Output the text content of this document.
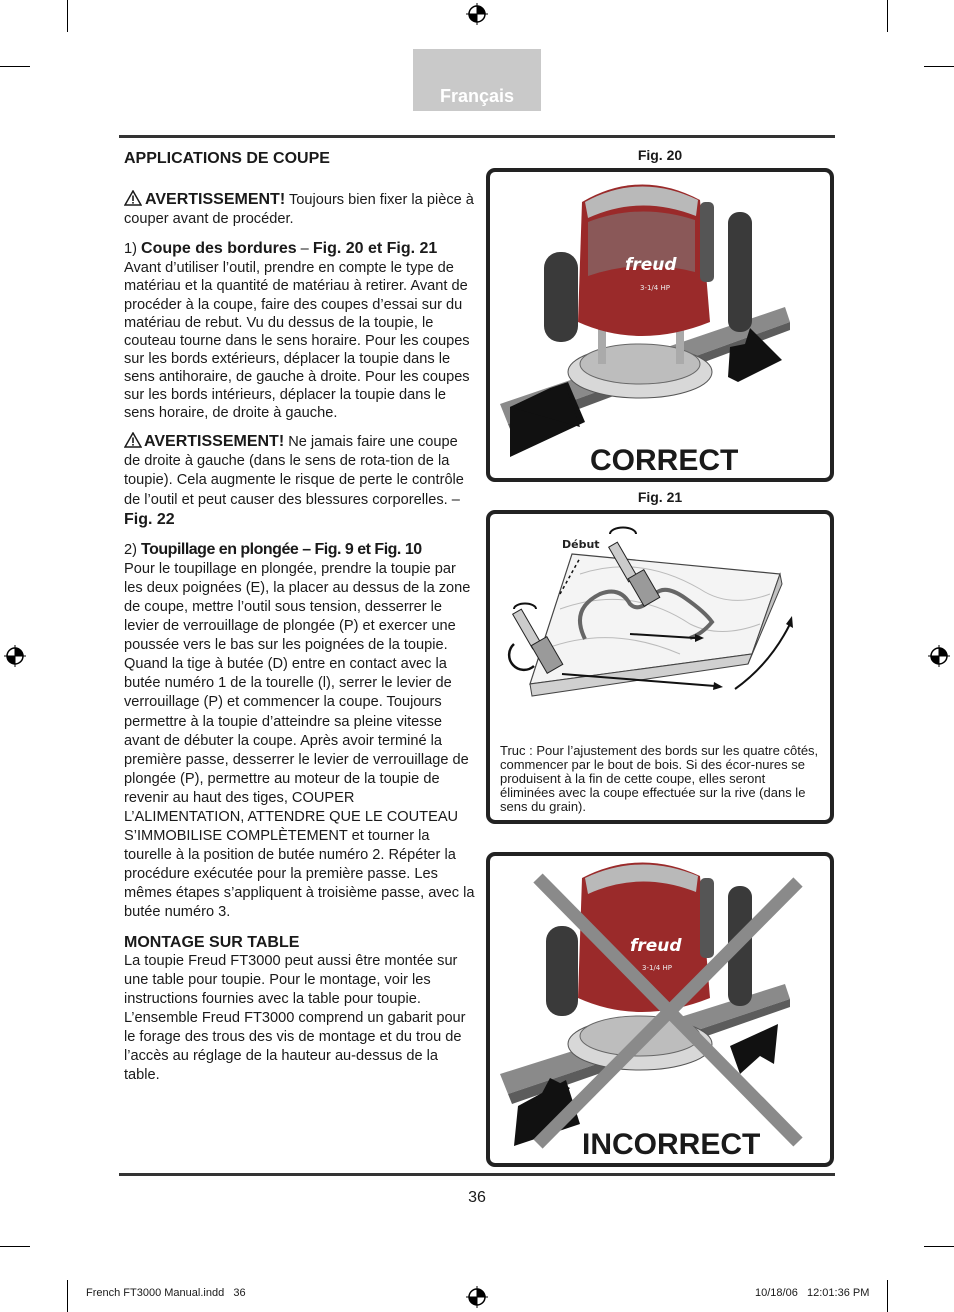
Français

APPLICATIONS DE COUPE

AVERTISSEMENT! Toujours bien fixer la pièce à couper avant de procéder.

1) Coupe des bordures – Fig. 20 et Fig. 21

Avant d’utiliser l’outil, prendre en compte le type de matériau et la quantité de matériau à retirer. Avant de procéder à la coupe, faire des coupes d’essai sur du matériau de rebut. Vu du dessus de la toupie, le couteau tourne dans le sens horaire. Pour les coupes sur les bords extérieurs, déplacer la toupie dans le sens antihoraire, de gauche à droite. Pour les coupes sur les bords intérieurs, déplacer la toupie dans le sens horaire, de droite à gauche.

AVERTISSEMENT! Ne jamais faire une coupe de droite à gauche (dans le sens de rota-tion de la toupie). Cela augmente le risque de perte le contrôle de l’outil et peut causer des blessures corporelles. – Fig. 22

2) Toupillage en plongée – Fig. 9 et Fig. 10

Pour le toupillage en plongée, prendre la toupie par les deux poignées (E), la placer au dessus de la zone de coupe, mettre l’outil sous tension, desserrer le levier de verrouillage de plongée (P) et exercer une poussée vers le bas sur les poignées de la toupie. Quand la tige à butée (D) entre en contact avec la butée numéro 1 de la tourelle (l), serrer le levier de verrouillage (P) et commencer la coupe. Toujours permettre à la toupie d’atteindre sa pleine vitesse avant de débuter la coupe. Après avoir terminé la première passe, desserrer le levier de verrouillage de plongée (P), permettre au moteur de la toupie de revenir au haut des tiges, COUPER L’ALIMENTATION, ATTENDRE QUE LE COUTEAU S’IMMOBILISE COMPLÈTEMENT et tourner la tourelle à la position de butée numéro 2. Répéter la procédure exécutée pour la première passe. Les mêmes étapes s’appliquent à troisième passe, avec la butée numéro 3.

MONTAGE SUR TABLE

La toupie Freud FT3000 peut aussi être montée sur une table pour toupie. Pour le montage, voir les instructions fournies avec la table pour toupie. L’ensemble Freud FT3000 comprend un gabarit pour le forage des trous des vis de montage et du trou de l’accès au réglage de la hauteur au-dessus de la table.

Fig. 20
freud
3-1/4 HP
CORRECT
Fig. 21
Début
Truc : Pour l’ajustement des bords sur les quatre côtés, commencer par le bout de bois. Si des écor-nures se produisent à la fin de cette coupe, elles seront éliminées avec la coupe effectuée sur la rive (dans le sens du grain).
freud
3-1/4 HP
INCORRECT
36
French FT3000 Manual.indd   36	10/18/06   12:01:36 PM
